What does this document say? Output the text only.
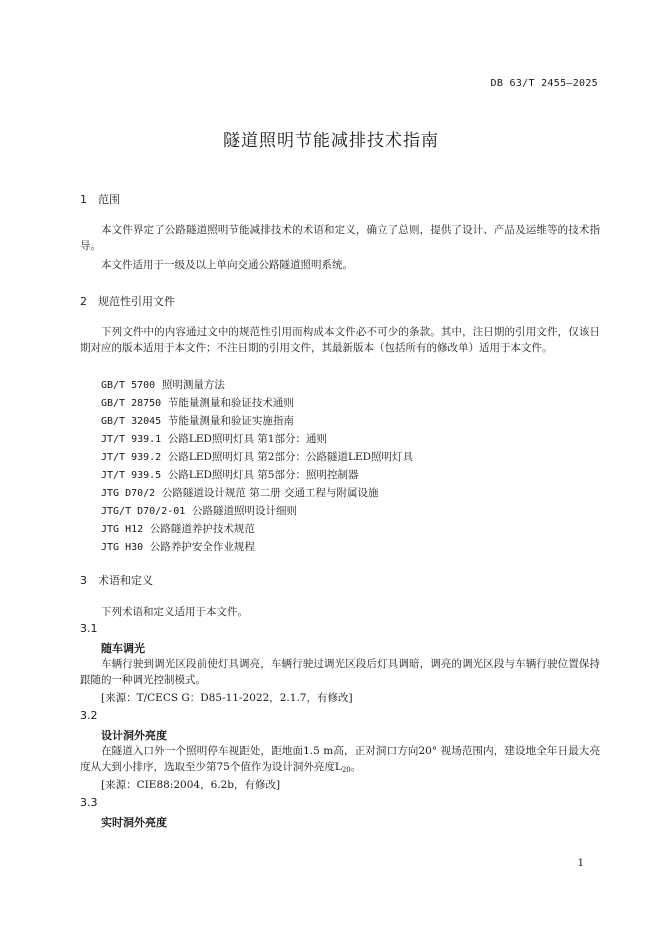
DB 63/T 2455—2025
隧道照明节能减排技术指南
1 范围
本文件界定了公路隧道照明节能减排技术的术语和定义，确立了总则，提供了设计、产品及运维等的技术指导。
本文件适用于一级及以上单向交通公路隧道照明系统。
2 规范性引用文件
下列文件中的内容通过文中的规范性引用而构成本文件必不可少的条款。其中，注日期的引用文件，仅该日期对应的版本适用于本文件；不注日期的引用文件，其最新版本（包括所有的修改单）适用于本文件。
GB/T 5700 照明测量方法
GB/T 28750 节能量测量和验证技术通则
GB/T 32045 节能量测量和验证实施指南
JT/T 939.1 公路LED照明灯具 第1部分：通则
JT/T 939.2 公路LED照明灯具 第2部分：公路隧道LED照明灯具
JT/T 939.5 公路LED照明灯具 第5部分：照明控制器
JTG D70/2 公路隧道设计规范 第二册 交通工程与附属设施
JTG/T D70/2-01 公路隧道照明设计细则
JTG H12 公路隧道养护技术规范
JTG H30 公路养护安全作业规程
3 术语和定义
下列术语和定义适用于本文件。
3.1
随车调光
车辆行驶到调光区段前使灯具调亮，车辆行驶过调光区段后灯具调暗，调亮的调光区段与车辆行驶位置保持跟随的一种调光控制模式。
[来源：T/CECS G：D85-11-2022，2.1.7，有修改]
3.2
设计洞外亮度
在隧道入口外一个照明停车视距处，距地面1.5 m高，正对洞口方向20° 视场范围内，建设地全年日最大亮度从大到小排序，选取至少第75个值作为设计洞外亮度$L_{20}$。
[来源：CIE88:2004，6.2b，有修改]
3.3
实时洞外亮度
1
